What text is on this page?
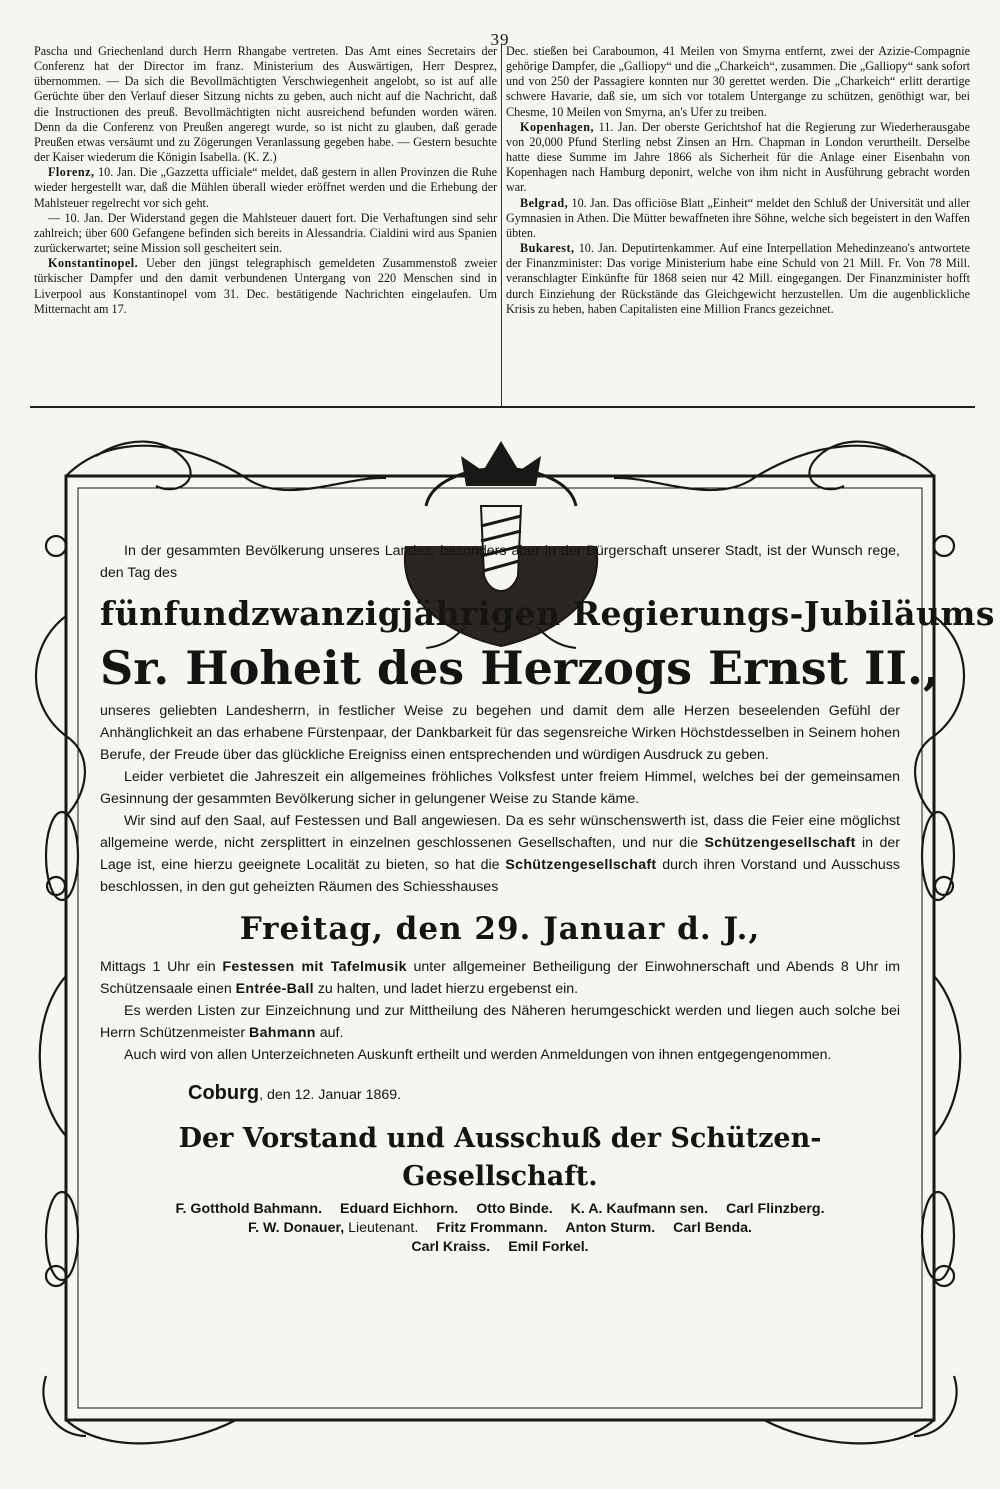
39

Pascha und Griechenland durch Herrn Rhangabe vertreten. Das Amt eines Secretairs der Conferenz hat der Director im franz. Ministerium des Auswärtigen, Herr Desprez, übernommen. — Da sich die Bevollmächtigten Verschwiegenheit angelobt, so ist auf alle Gerüchte über den Verlauf dieser Sitzung nichts zu geben, auch nicht auf die Nachricht, daß die Instructionen des preuß. Bevollmächtigten nicht ausreichend befunden worden wären. Denn da die Conferenz von Preußen angeregt wurde, so ist nicht zu glauben, daß gerade Preußen etwas versäumt und zu Zögerungen Veranlassung gegeben habe. — Gestern besuchte der Kaiser wiederum die Königin Isabella. (K. Z.)

Florenz, 10. Jan. Die „Gazzetta ufficiale“ meldet, daß gestern in allen Provinzen die Ruhe wieder hergestellt war, daß die Mühlen überall wieder eröffnet werden und die Erhebung der Mahlsteuer regelrecht vor sich geht.

— 10. Jan. Der Widerstand gegen die Mahlsteuer dauert fort. Die Verhaftungen sind sehr zahlreich; über 600 Gefangene befinden sich bereits in Alessandria. Cialdini wird aus Spanien zurückerwartet; seine Mission soll gescheitert sein.

Konstantinopel. Ueber den jüngst telegraphisch gemeldeten Zusammenstoß zweier türkischer Dampfer und den damit verbundenen Untergang von 220 Menschen sind in Liverpool aus Konstantinopel vom 31. Dec. bestätigende Nachrichten eingelaufen. Um Mitternacht am 17.

Dec. stießen bei Caraboumon, 41 Meilen von Smyrna entfernt, zwei der Azizie-Compagnie gehörige Dampfer, die „Galliopy“ und die „Charkeich“, zusammen. Die „Galliopy“ sank sofort und von 250 der Passagiere konnten nur 30 gerettet werden. Die „Charkeich“ erlitt derartige schwere Havarie, daß sie, um sich vor totalem Untergange zu schützen, genöthigt war, bei Chesme, 10 Meilen von Smyrna, an's Ufer zu treiben.

Kopenhagen, 11. Jan. Der oberste Gerichtshof hat die Regierung zur Wiederherausgabe von 20,000 Pfund Sterling nebst Zinsen an Hrn. Chapman in London verurtheilt. Derselbe hatte diese Summe im Jahre 1866 als Sicherheit für die Anlage einer Eisenbahn von Kopenhagen nach Hamburg deponirt, welche von ihm nicht in Ausführung gebracht worden war.

Belgrad, 10. Jan. Das officiöse Blatt „Einheit“ meldet den Schluß der Universität und aller Gymnasien in Athen. Die Mütter bewaffneten ihre Söhne, welche sich begeistert in den Waffen übten.

Bukarest, 10. Jan. Deputirtenkammer. Auf eine Interpellation Mehedinzeano's antwortete der Finanzminister: Das vorige Ministerium habe eine Schuld von 21 Mill. Fr. Von 78 Mill. veranschlagter Einkünfte für 1868 seien nur 42 Mill. eingegangen. Der Finanzminister hofft durch Einziehung der Rückstände das Gleichgewicht herzustellen. Um die augenblickliche Krisis zu heben, haben Capitalisten eine Million Francs gezeichnet.

In der gesammten Bevölkerung unseres Landes, besonders aber in der Bürgerschaft unserer Stadt, ist der Wunsch rege, den Tag des

fünfundzwanzigjährigen Regierungs-Jubiläums
Sr. Hoheit des Herzogs Ernst II.,

unseres geliebten Landesherrn, in festlicher Weise zu begehen und damit dem alle Herzen beseelenden Gefühl der Anhänglichkeit an das erhabene Fürstenpaar, der Dankbarkeit für das segensreiche Wirken Höchstdesselben in Seinem hohen Berufe, der Freude über das glückliche Ereigniss einen entsprechenden und würdigen Ausdruck zu geben.

Leider verbietet die Jahreszeit ein allgemeines fröhliches Volksfest unter freiem Himmel, welches bei der gemeinsamen Gesinnung der gesammten Bevölkerung sicher in gelungener Weise zu Stande käme.

Wir sind auf den Saal, auf Festessen und Ball angewiesen. Da es sehr wünschenswerth ist, dass die Feier eine möglichst allgemeine werde, nicht zersplittert in einzelnen geschlossenen Gesellschaften, und nur die Schützengesellschaft in der Lage ist, eine hierzu geeignete Localität zu bieten, so hat die Schützengesellschaft durch ihren Vorstand und Ausschuss beschlossen, in den gut geheizten Räumen des Schiesshauses

Freitag, den 29. Januar d. J.,

Mittags 1 Uhr ein Festessen mit Tafelmusik unter allgemeiner Betheiligung der Einwohnerschaft und Abends 8 Uhr im Schützensaale einen Entrée-Ball zu halten, und ladet hierzu ergebenst ein.

Es werden Listen zur Einzeichnung und zur Mittheilung des Näheren herumgeschickt werden und liegen auch solche bei Herrn Schützenmeister Bahmann auf.

Auch wird von allen Unterzeichneten Auskunft ertheilt und werden Anmeldungen von ihnen entgegengenommen.

Coburg, den 12. Januar 1869.
Der Vorstand und Ausschuß der Schützen-Gesellschaft.
F. Gotthold Bahmann. Eduard Eichhorn. Otto Binde. K. A. Kaufmann sen. Carl Flinzberg.
F. W. Donauer, Lieutenant. Fritz Frommann. Anton Sturm. Carl Benda.
Carl Kraiss. Emil Forkel.
